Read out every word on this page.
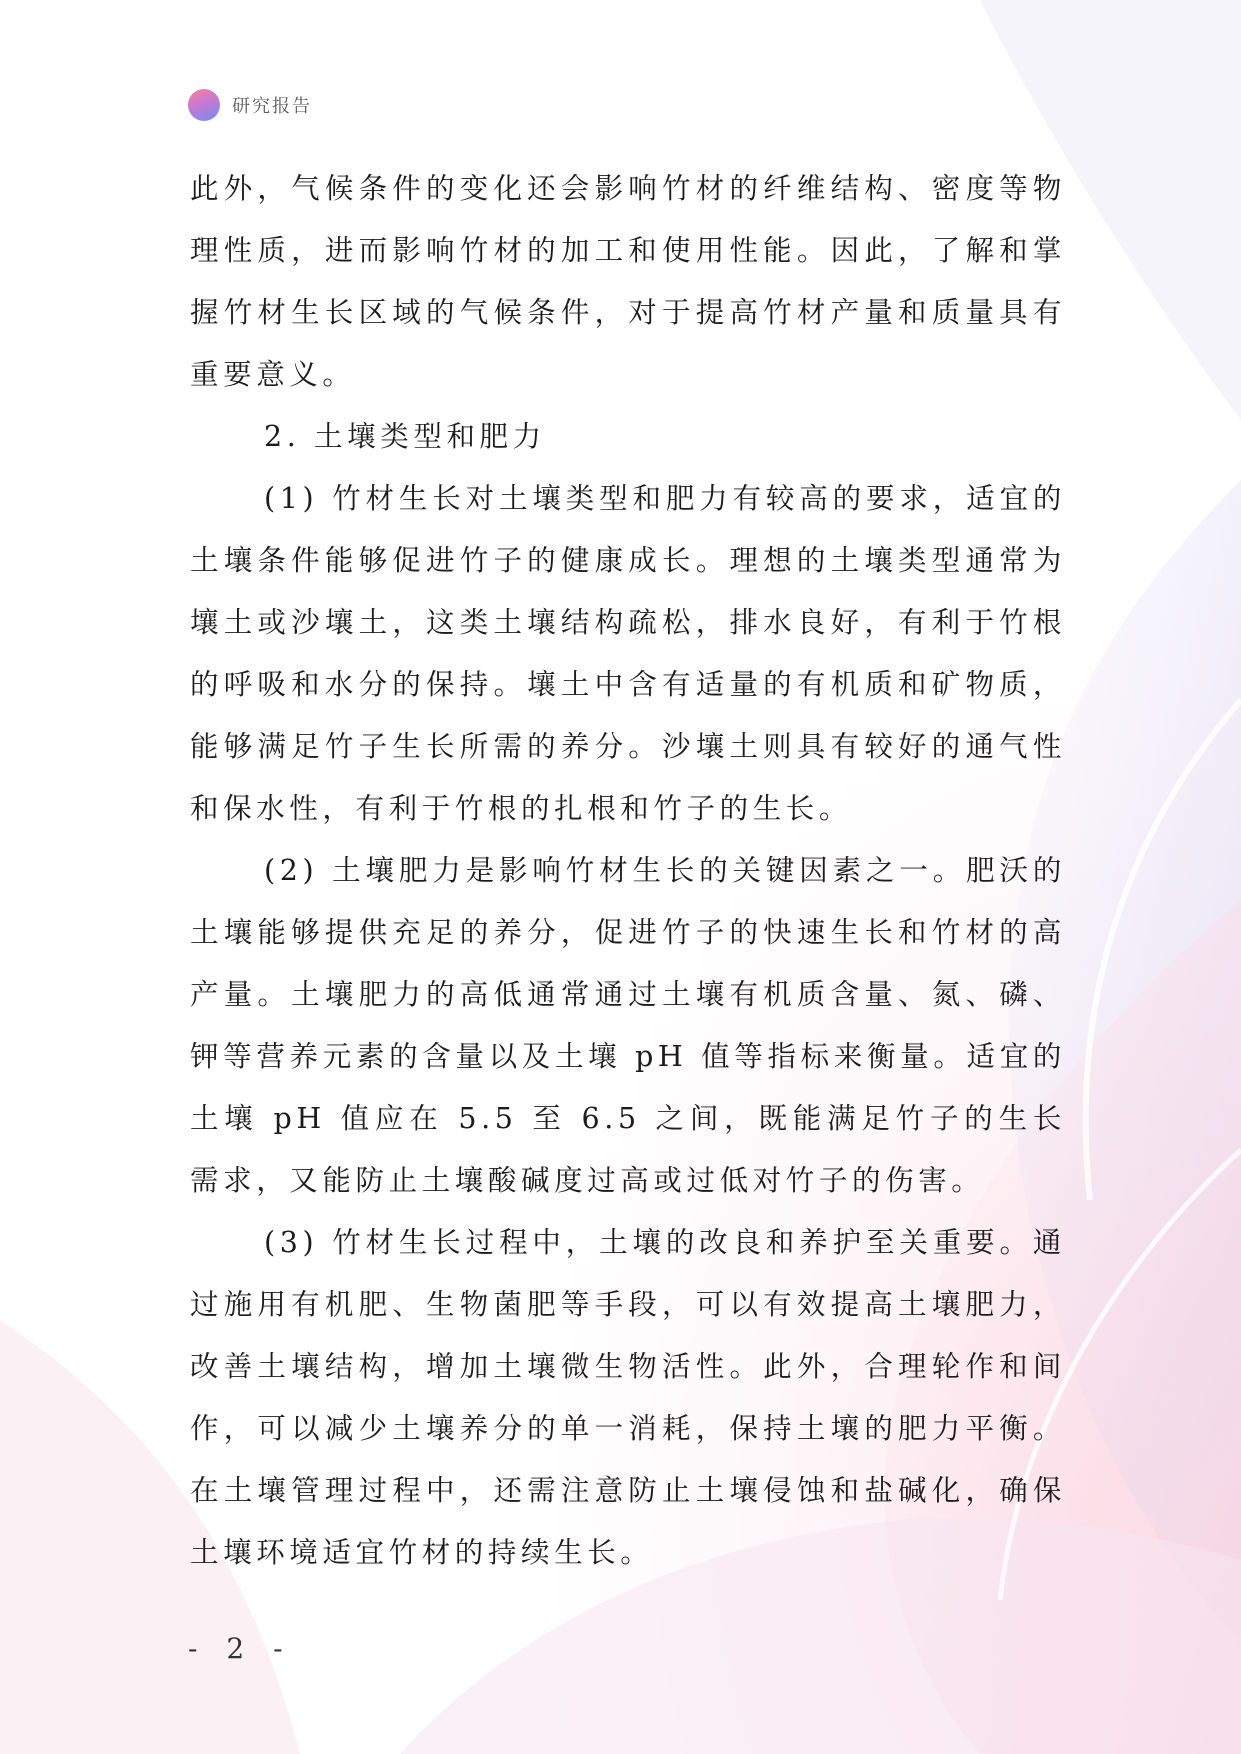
研究报告

此外，气候条件的变化还会影响竹材的纤维结构、密度等物理性质，进而影响竹材的加工和使用性能。因此，了解和掌握竹材生长区域的气候条件，对于提高竹材产量和质量具有重要意义。

2. 土壤类型和肥力

(1) 竹材生长对土壤类型和肥力有较高的要求，适宜的土壤条件能够促进竹子的健康成长。理想的土壤类型通常为壤土或沙壤土，这类土壤结构疏松，排水良好，有利于竹根的呼吸和水分的保持。壤土中含有适量的有机质和矿物质，能够满足竹子生长所需的养分。沙壤土则具有较好的通气性和保水性，有利于竹根的扎根和竹子的生长。

(2) 土壤肥力是影响竹材生长的关键因素之一。肥沃的土壤能够提供充足的养分，促进竹子的快速生长和竹材的高产量。土壤肥力的高低通常通过土壤有机质含量、氮、磷、钾等营养元素的含量以及土壤 pH 值等指标来衡量。适宜的土壤 pH 值应在 5.5 至 6.5 之间，既能满足竹子的生长需求，又能防止土壤酸碱度过高或过低对竹子的伤害。

(3) 竹材生长过程中，土壤的改良和养护至关重要。通过施用有机肥、生物菌肥等手段，可以有效提高土壤肥力，改善土壤结构，增加土壤微生物活性。此外，合理轮作和间作，可以减少土壤养分的单一消耗，保持土壤的肥力平衡。在土壤管理过程中，还需注意防止土壤侵蚀和盐碱化，确保土壤环境适宜竹材的持续生长。

- 2 -
